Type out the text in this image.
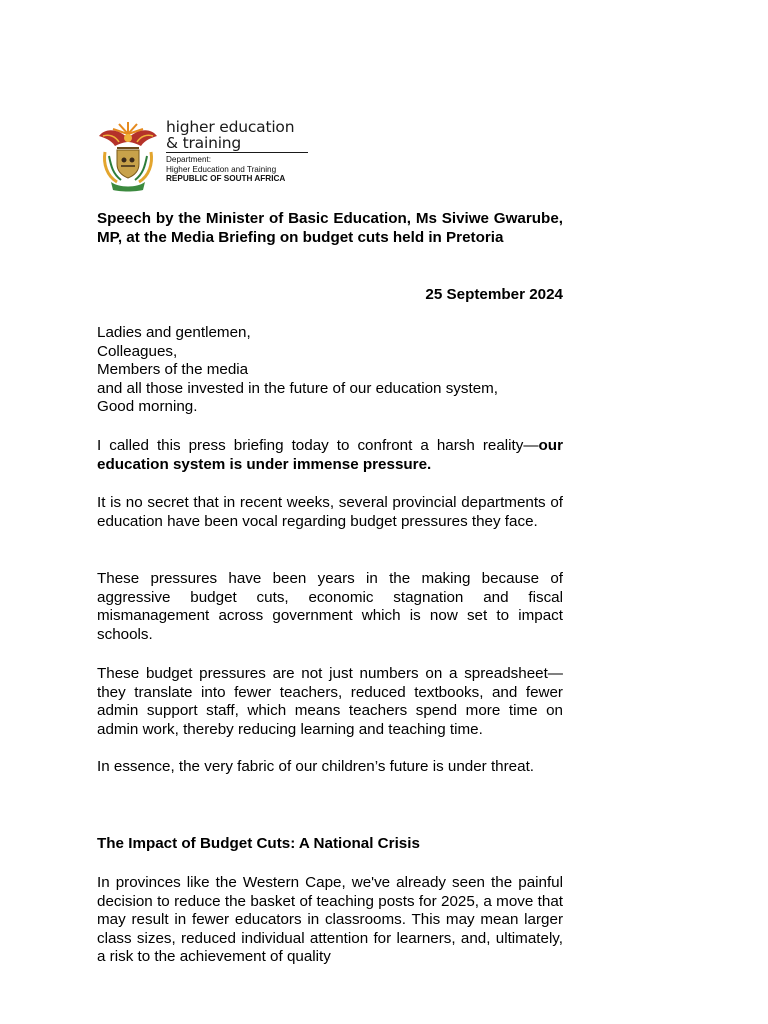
higher education
& training
Department:
Higher Education and Training
REPUBLIC OF SOUTH AFRICA
Speech by the Minister of Basic Education, Ms Siviwe Gwarube, MP, at the Media Briefing on budget cuts held in Pretoria
25 September 2024
Ladies and gentlemen,
Colleagues,
Members of the media
and all those invested in the future of our education system,
Good morning.
I called this press briefing today to confront a harsh reality—our education system is under immense pressure.
It is no secret that in recent weeks, several provincial departments of education have been vocal regarding budget pressures they face.
These pressures have been years in the making because of aggressive budget cuts, economic stagnation and fiscal mismanagement across government which is now set to impact schools.
These budget pressures are not just numbers on a spreadsheet—they translate into fewer teachers, reduced textbooks, and fewer admin support staff, which means teachers spend more time on admin work, thereby reducing learning and teaching time.
In essence, the very fabric of our children’s future is under threat.
The Impact of Budget Cuts: A National Crisis
In provinces like the Western Cape, we've already seen the painful decision to reduce the basket of teaching posts for 2025, a move that may result in fewer educators in classrooms. This may mean larger class sizes, reduced individual attention for learners, and, ultimately, a risk to the achievement of quality
